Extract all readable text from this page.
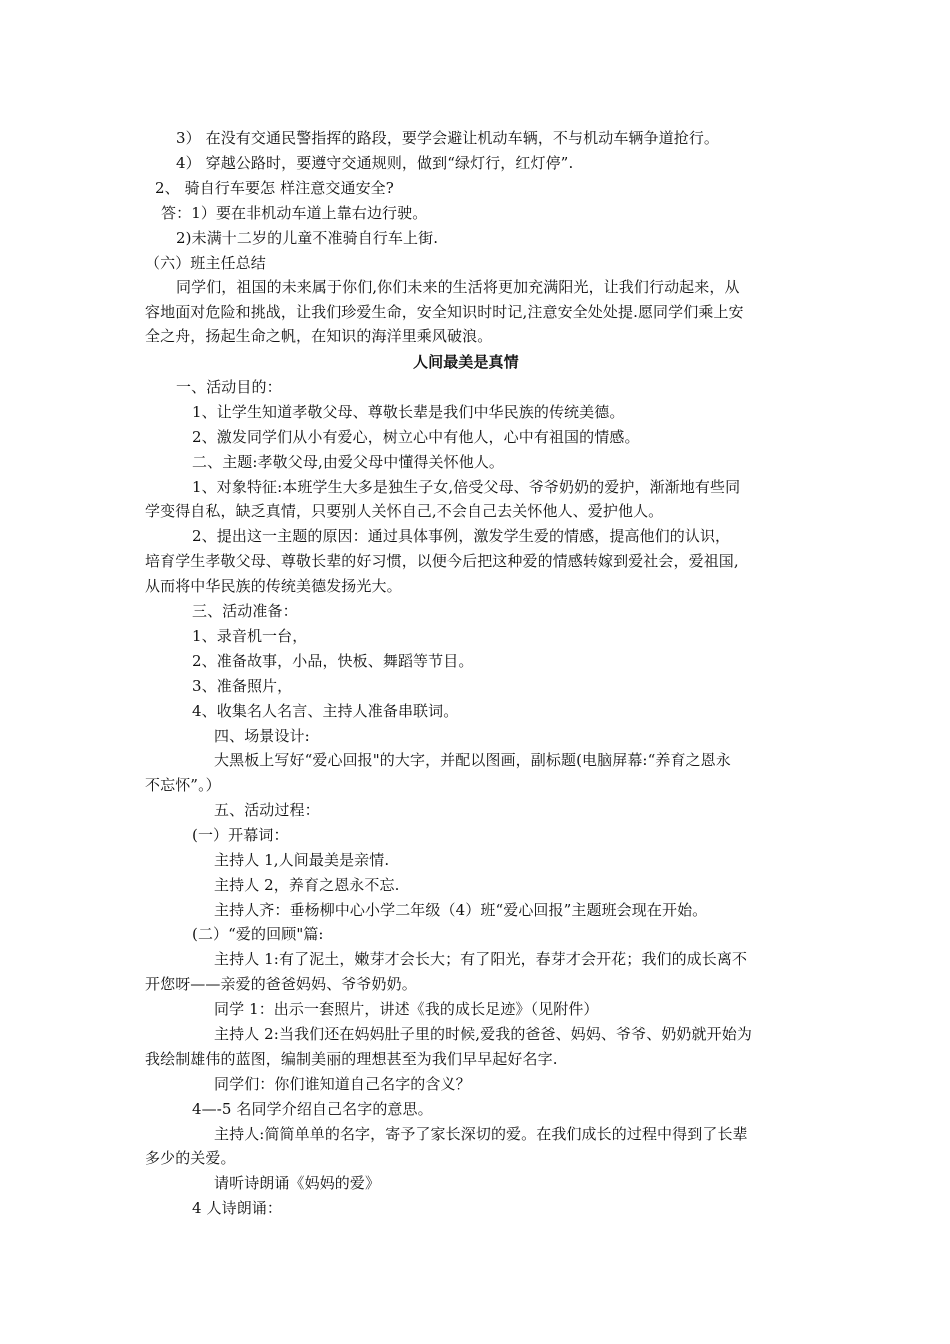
3） 在没有交通民警指挥的路段，要学会避让机动车辆，不与机动车辆争道抢行。
4） 穿越公路时，要遵守交通规则，做到“绿灯行，红灯停”.
2、 骑自行车要怎 样注意交通安全?
答：1）要在非机动车道上靠右边行驶。
2)未满十二岁的儿童不准骑自行车上街.
（六）班主任总结
同学们，祖国的未来属于你们,你们未来的生活将更加充满阳光，让我们行动起来，从
容地面对危险和挑战，让我们珍爱生命，安全知识时时记,注意安全处处提.愿同学们乘上安
全之舟，扬起生命之帆，在知识的海洋里乘风破浪。
人间最美是真情
一、活动目的：
1、让学生知道孝敬父母、尊敬长辈是我们中华民族的传统美德。
2、激发同学们从小有爱心，树立心中有他人，心中有祖国的情感。
二、主题:孝敬父母,由爱父母中懂得关怀他人。
1、对象特征:本班学生大多是独生子女,倍受父母、爷爷奶奶的爱护，渐渐地有些同
学变得自私，缺乏真情，只要别人关怀自己,不会自己去关怀他人、爱护他人。
2、提出这一主题的原因：通过具体事例，激发学生爱的情感，提高他们的认识，
培育学生孝敬父母、尊敬长辈的好习惯，以便今后把这种爱的情感转嫁到爱社会，爱祖国,
从而将中华民族的传统美德发扬光大。
三、活动准备：
1、录音机一台，
2、准备故事，小品，快板、舞蹈等节目。
3、准备照片，
4、收集名人名言、主持人准备串联词。
四、场景设计:
大黑板上写好“爱心回报"的大字，并配以图画，副标题(电脑屏幕:“养育之恩永
不忘怀”。）
五、活动过程：
(一）开幕词：
主持人 1,人间最美是亲情.
主持人 2，养育之恩永不忘.
主持人齐：垂杨柳中心小学二年级（4）班“爱心回报”主题班会现在开始。
(二）“爱的回顾"篇:
主持人 1:有了泥土，嫩芽才会长大；有了阳光，春芽才会开花；我们的成长离不
开您呀——亲爱的爸爸妈妈、爷爷奶奶。
同学 1：出示一套照片，讲述《我的成长足迹》（见附件）
主持人 2:当我们还在妈妈肚子里的时候,爱我的爸爸、妈妈、爷爷、奶奶就开始为
我绘制雄伟的蓝图，编制美丽的理想甚至为我们早早起好名字.
同学们：你们谁知道自己名字的含义？
4—-5 名同学介绍自己名字的意思。
主持人:简简单单的名字，寄予了家长深切的爱。在我们成长的过程中得到了长辈
多少的关爱。
请听诗朗诵《妈妈的爱》
4 人诗朗诵：
